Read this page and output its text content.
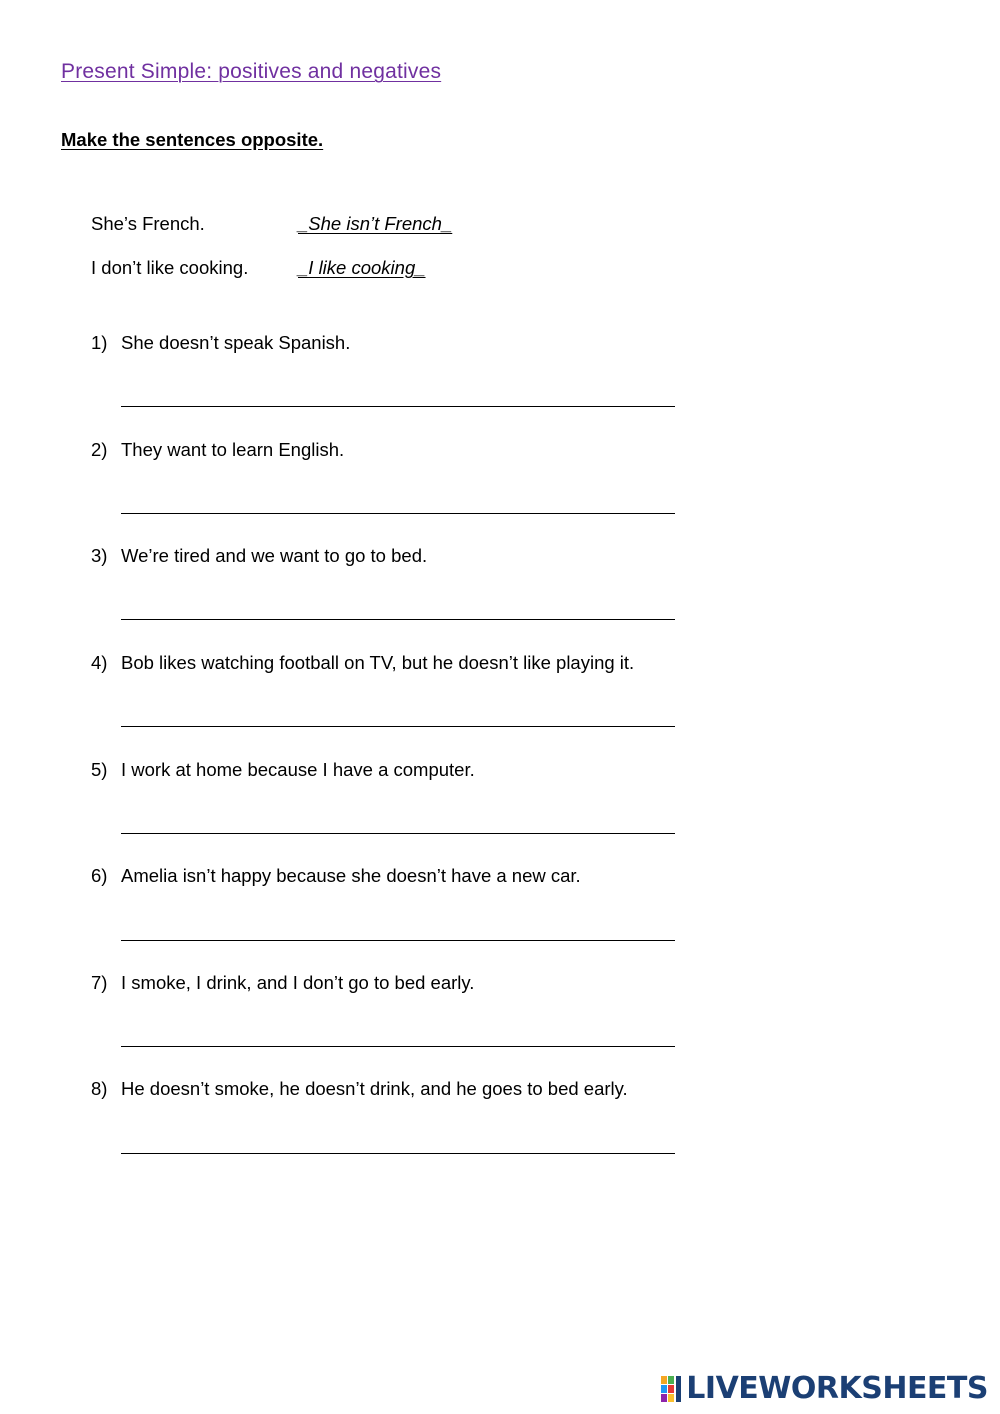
Present Simple: positives and negatives
Make the sentences opposite.
She’s French.	_She isn’t French_
I don’t like cooking.	_I like cooking_
1) She doesn’t speak Spanish.
2) They want to learn English.
3) We’re tired and we want to go to bed.
4) Bob likes watching football on TV, but he doesn’t like playing it.
5) I work at home because I have a computer.
6) Amelia isn’t happy because she doesn’t have a new car.
7) I smoke, I drink, and I don’t go to bed early.
8) He doesn’t smoke, he doesn’t drink, and he goes to bed early.
LIVEWORKSHEETS
